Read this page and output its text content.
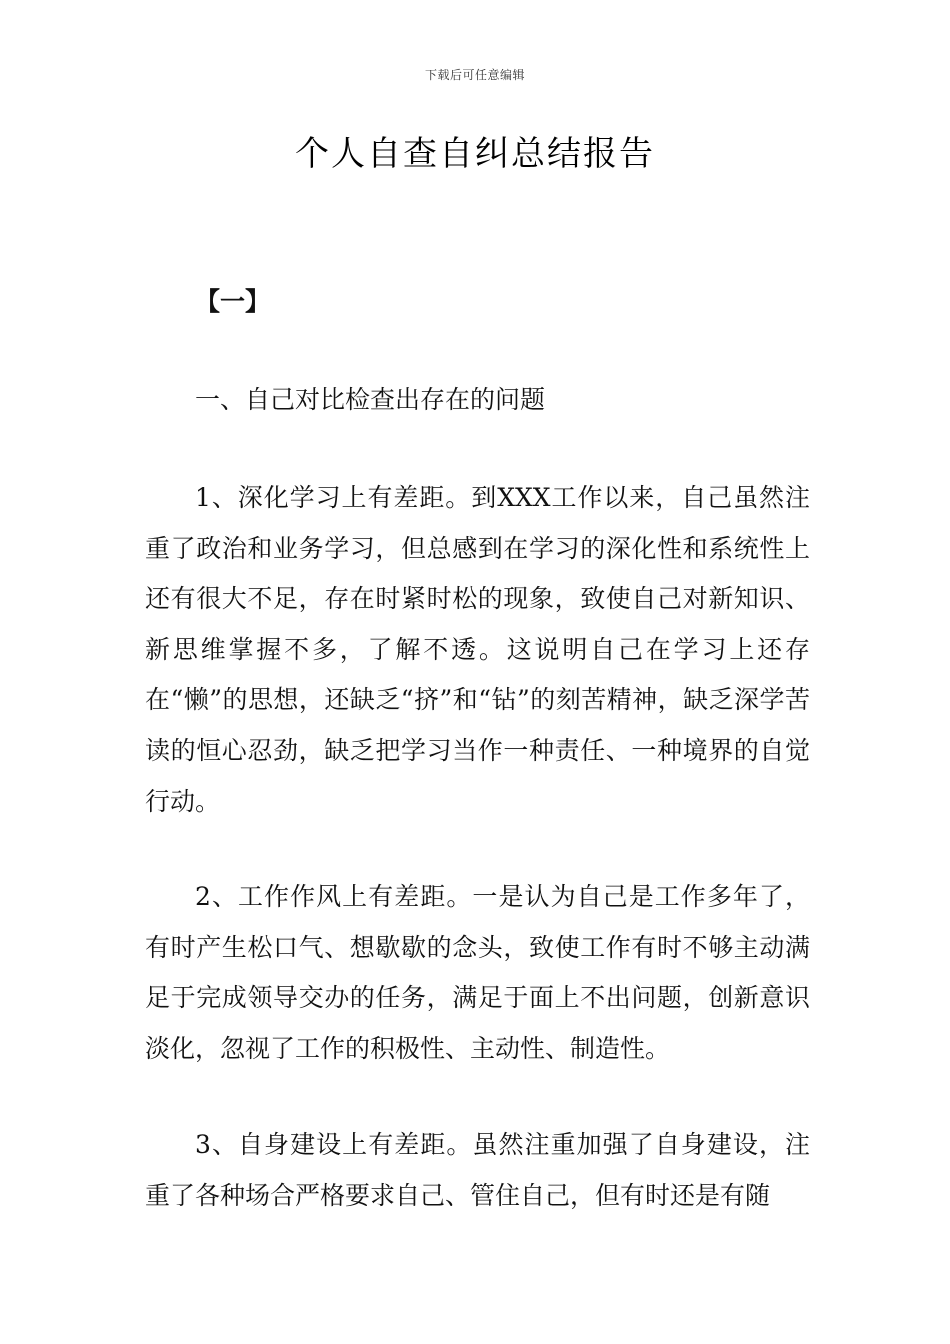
下载后可任意编辑
个人自查自纠总结报告
【一】
一、自己对比检查出存在的问题

1、深化学习上有差距。到XXX工作以来，自己虽然注重了政治和业务学习，但总感到在学习的深化性和系统性上还有很大不足，存在时紧时松的现象，致使自己对新知识、新思维掌握不多，了解不透。这说明自己在学习上还存在“懒”的思想，还缺乏“挤”和“钻”的刻苦精神，缺乏深学苦读的恒心忍劲，缺乏把学习当作一种责任、一种境界的自觉行动。

2、工作作风上有差距。一是认为自己是工作多年了，有时产生松口气、想歇歇的念头，致使工作有时不够主动满足于完成领导交办的任务，满足于面上不出问题，创新意识淡化，忽视了工作的积极性、主动性、制造性。

3、自身建设上有差距。虽然注重加强了自身建设，注重了各种场合严格要求自己、管住自己，但有时还是有随
